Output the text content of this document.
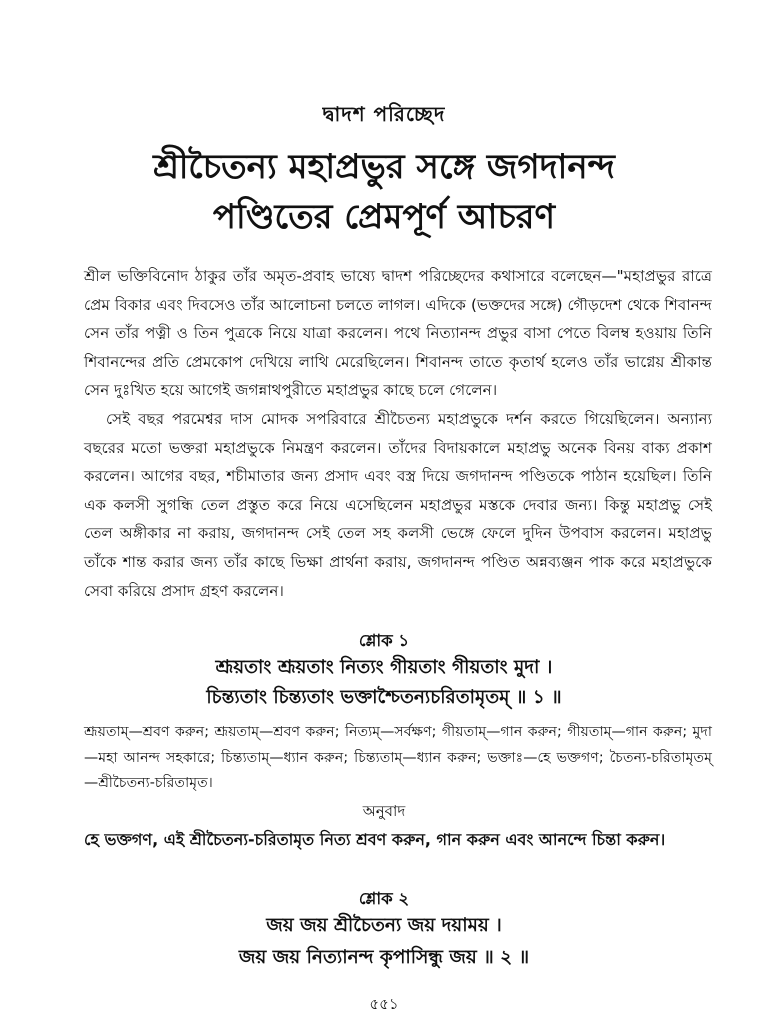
দ্বাদশ পরিচ্ছেদ
শ্রীচৈতন্য মহাপ্রভুর সঙ্গে জগদানন্দ
পণ্ডিতের প্রেমপূর্ণ আচরণ

শ্রীল ভক্তিবিনোদ ঠাকুর তাঁর অমৃত-প্রবাহ ভাষ্যে দ্বাদশ পরিচ্ছেদের কথাসারে বলেছেন—"মহাপ্রভুর রাত্রে প্রেম বিকার এবং দিবসেও তাঁর আলোচনা চলতে লাগল। এদিকে (ভক্তদের সঙ্গে) গৌড়দেশ থেকে শিবানন্দ সেন তাঁর পত্নী ও তিন পুত্রকে নিয়ে যাত্রা করলেন। পথে নিত্যানন্দ প্রভুর বাসা পেতে বিলম্ব হওয়ায় তিনি শিবানন্দের প্রতি প্রেমকোপ দেখিয়ে লাথি মেরেছিলেন। শিবানন্দ তাতে কৃতার্থ হলেও তাঁর ভাগ্নেয় শ্রীকান্ত সেন দুঃখিত হয়ে আগেই জগন্নাথপুরীতে মহাপ্রভুর কাছে চলে গেলেন।

সেই বছর পরমেশ্বর দাস মোদক সপরিবারে শ্রীচৈতন্য মহাপ্রভুকে দর্শন করতে গিয়েছিলেন। অন্যান্য বছরের মতো ভক্তরা মহাপ্রভুকে নিমন্ত্রণ করলেন। তাঁদের বিদায়কালে মহাপ্রভু অনেক বিনয় বাক্য প্রকাশ করলেন। আগের বছর, শচীমাতার জন্য প্রসাদ এবং বস্ত্র দিয়ে জগদানন্দ পণ্ডিতকে পাঠান হয়েছিল। তিনি এক কলসী সুগন্ধি তেল প্রস্তুত করে নিয়ে এসেছিলেন মহাপ্রভুর মস্তকে দেবার জন্য। কিন্তু মহাপ্রভু সেই তেল অঙ্গীকার না করায়, জগদানন্দ সেই তেল সহ কলসী ভেঙ্গে ফেলে দুদিন উপবাস করলেন। মহাপ্রভু তাঁকে শান্ত করার জন্য তাঁর কাছে ভিক্ষা প্রার্থনা করায়, জগদানন্দ পণ্ডিত অন্নব্যঞ্জন পাক করে মহাপ্রভুকে সেবা করিয়ে প্রসাদ গ্রহণ করলেন।

শ্লোক ১
শ্রূয়তাং শ্রূয়তাং নিত্যং গীয়তাং গীয়তাং মুদা ।
চিন্ত্যতাং চিন্ত্যতাং ভক্তাশ্চৈতন্যচরিতামৃতম্ ॥ ১ ॥
শ্রূয়তাম্—শ্রবণ করুন; শ্রূয়তাম্—শ্রবণ করুন; নিত্যম্—সর্বক্ষণ; গীয়তাম্—গান করুন; গীয়তাম্—গান করুন; মুদা—মহা আনন্দ সহকারে; চিন্ত্যতাম্—ধ্যান করুন; চিন্ত্যতাম্—ধ্যান করুন; ভক্তাঃ—হে ভক্তগণ; চৈতন্য-চরিতামৃতম্—শ্রীচৈতন্য-চরিতামৃত।
অনুবাদ
হে ভক্তগণ, এই শ্রীচৈতন্য-চরিতামৃত নিত্য শ্রবণ করুন, গান করুন এবং আনন্দে চিন্তা করুন।
শ্লোক ২
জয় জয় শ্রীচৈতন্য জয় দয়াময় ।
জয় জয় নিত্যানন্দ কৃপাসিন্ধু জয় ॥ ২ ॥
৫৫১
